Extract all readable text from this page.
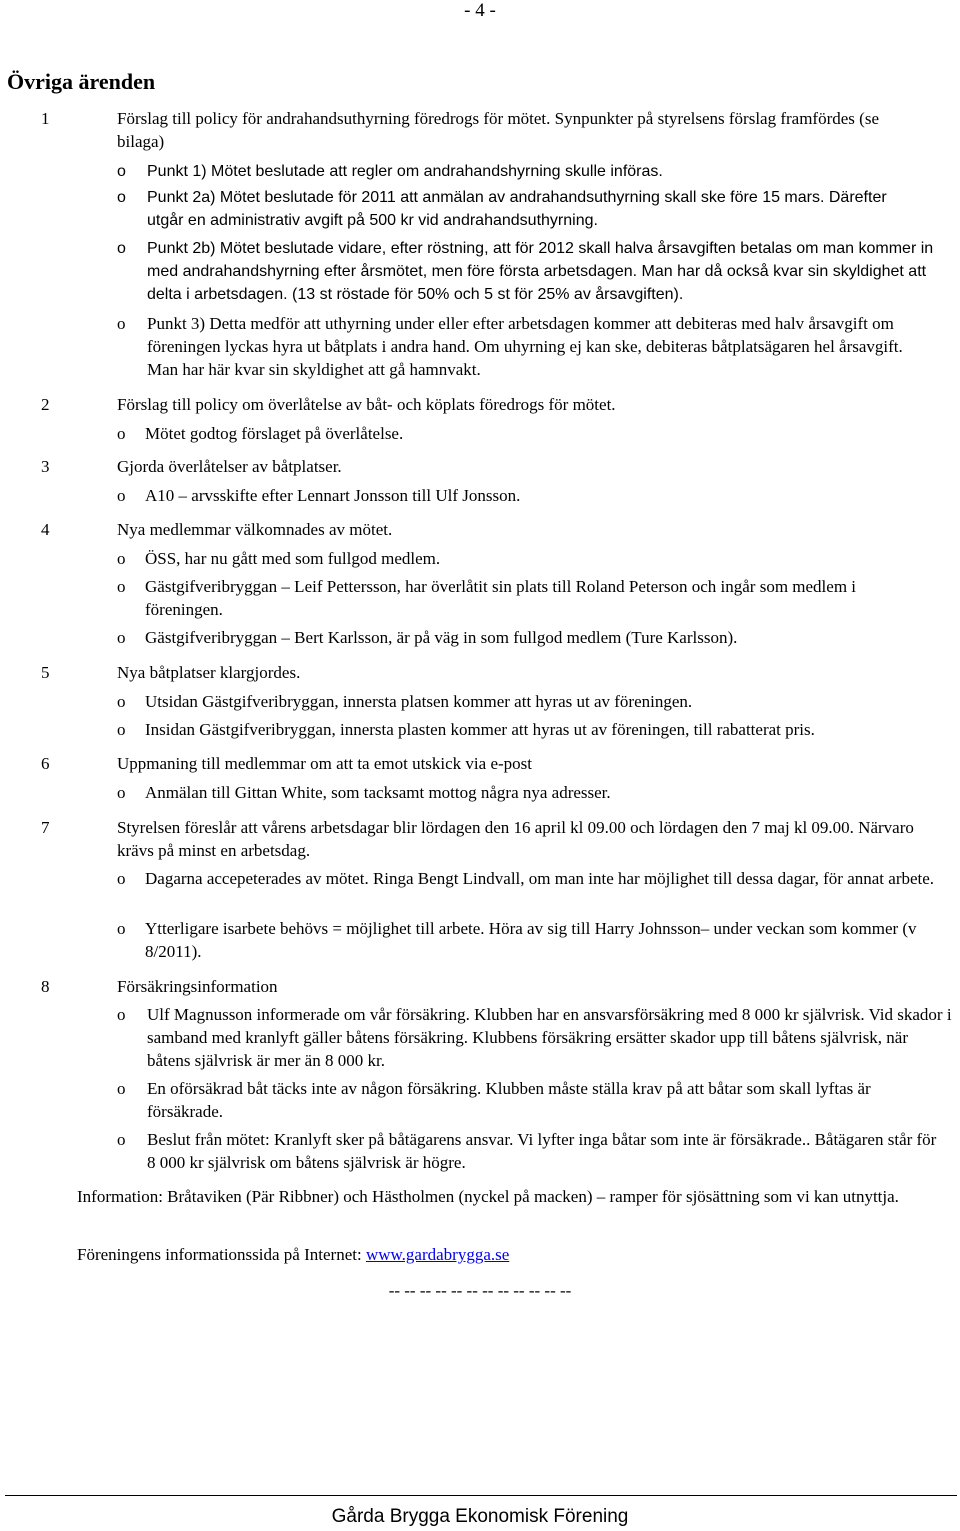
- 4 -
Övriga ärenden
1	Förslag till policy för andrahandsuthyrning föredrogs för mötet. Synpunkter på styrelsens förslag framfördes (se bilaga)
o Punkt 1) Mötet beslutade att regler om andrahandshyrning skulle införas.
o Punkt 2a) Mötet beslutade för 2011 att anmälan av andrahandsuthyrning skall ske före 15 mars. Därefter utgår en administrativ avgift på 500 kr vid andrahandsuthyrning.
o Punkt 2b) Mötet beslutade vidare, efter röstning, att för 2012 skall halva årsavgiften betalas om man kommer in med andrahandshyrning efter årsmötet, men före första arbetsdagen. Man har då också kvar sin skyldighet att delta i arbetsdagen. (13 st röstade för 50% och 5 st för 25% av årsavgiften).
o Punkt 3) Detta medför att uthyrning under eller efter arbetsdagen kommer att debiteras med halv årsavgift om föreningen lyckas hyra ut båtplats i andra hand. Om uhyrning ej kan ske, debiteras båtplatsägaren hel årsavgift. Man har här kvar sin skyldighet att gå hamnvakt.
2	Förslag till policy om överlåtelse av båt- och köplats föredrogs för mötet.
o Mötet godtog förslaget på överlåtelse.
3	Gjorda överlåtelser av båtplatser.
o A10 – arvsskifte efter Lennart Jonsson till Ulf Jonsson.
4	Nya medlemmar välkomnades av mötet.
o ÖSS, har nu gått med som fullgod medlem.
o Gästgifveribryggan – Leif Pettersson, har överlåtit sin plats till Roland Peterson och ingår som medlem i föreningen.
o Gästgifveribryggan – Bert Karlsson, är på väg in som fullgod medlem (Ture Karlsson).
5	Nya båtplatser klargjordes.
o Utsidan Gästgifveribryggan, innersta platsen kommer att hyras ut av föreningen.
o Insidan Gästgifveribryggan, innersta plasten kommer att hyras ut av föreningen, till rabatterat pris.
6	Uppmaning till medlemmar om att ta emot utskick via e-post
o Anmälan till Gittan White, som tacksamt mottog några nya adresser.
7	Styrelsen föreslår att vårens arbetsdagar blir lördagen den 16 april kl 09.00 och lördagen den 7 maj kl 09.00. Närvaro krävs på minst en arbetsdag.
o Dagarna accepeterades av mötet. Ringa Bengt Lindvall, om man inte har möjlighet till dessa dagar, för annat arbete.
o Ytterligare isarbete behövs = möjlighet till arbete. Höra av sig till Harry Johnsson– under veckan som kommer (v 8/2011).
8	Försäkringsinformation
o Ulf Magnusson informerade om vår försäkring. Klubben har en ansvarsförsäkring med 8 000 kr självrisk. Vid skador i samband med kranlyft gäller båtens försäkring. Klubbens försäkring ersätter skador upp till båtens självrisk, när båtens självrisk är mer än 8 000 kr.
o En oförsäkrad båt täcks inte av någon försäkring. Klubben måste ställa krav på att båtar som skall lyftas är försäkrade.
o Beslut från mötet: Kranlyft sker på båtägarens ansvar. Vi lyfter inga båtar som inte är försäkrade.. Båtägaren står för 8 000 kr självrisk om båtens självrisk är högre.
Information: Bråtaviken (Pär Ribbner) och Hästholmen (nyckel på macken) – ramper för sjösättning som vi kan utnyttja.
Föreningens informationssida på Internet: www.gardabrygga.se
-- -- -- -- -- -- -- -- -- -- -- --
Gårda Brygga Ekonomisk Förening
